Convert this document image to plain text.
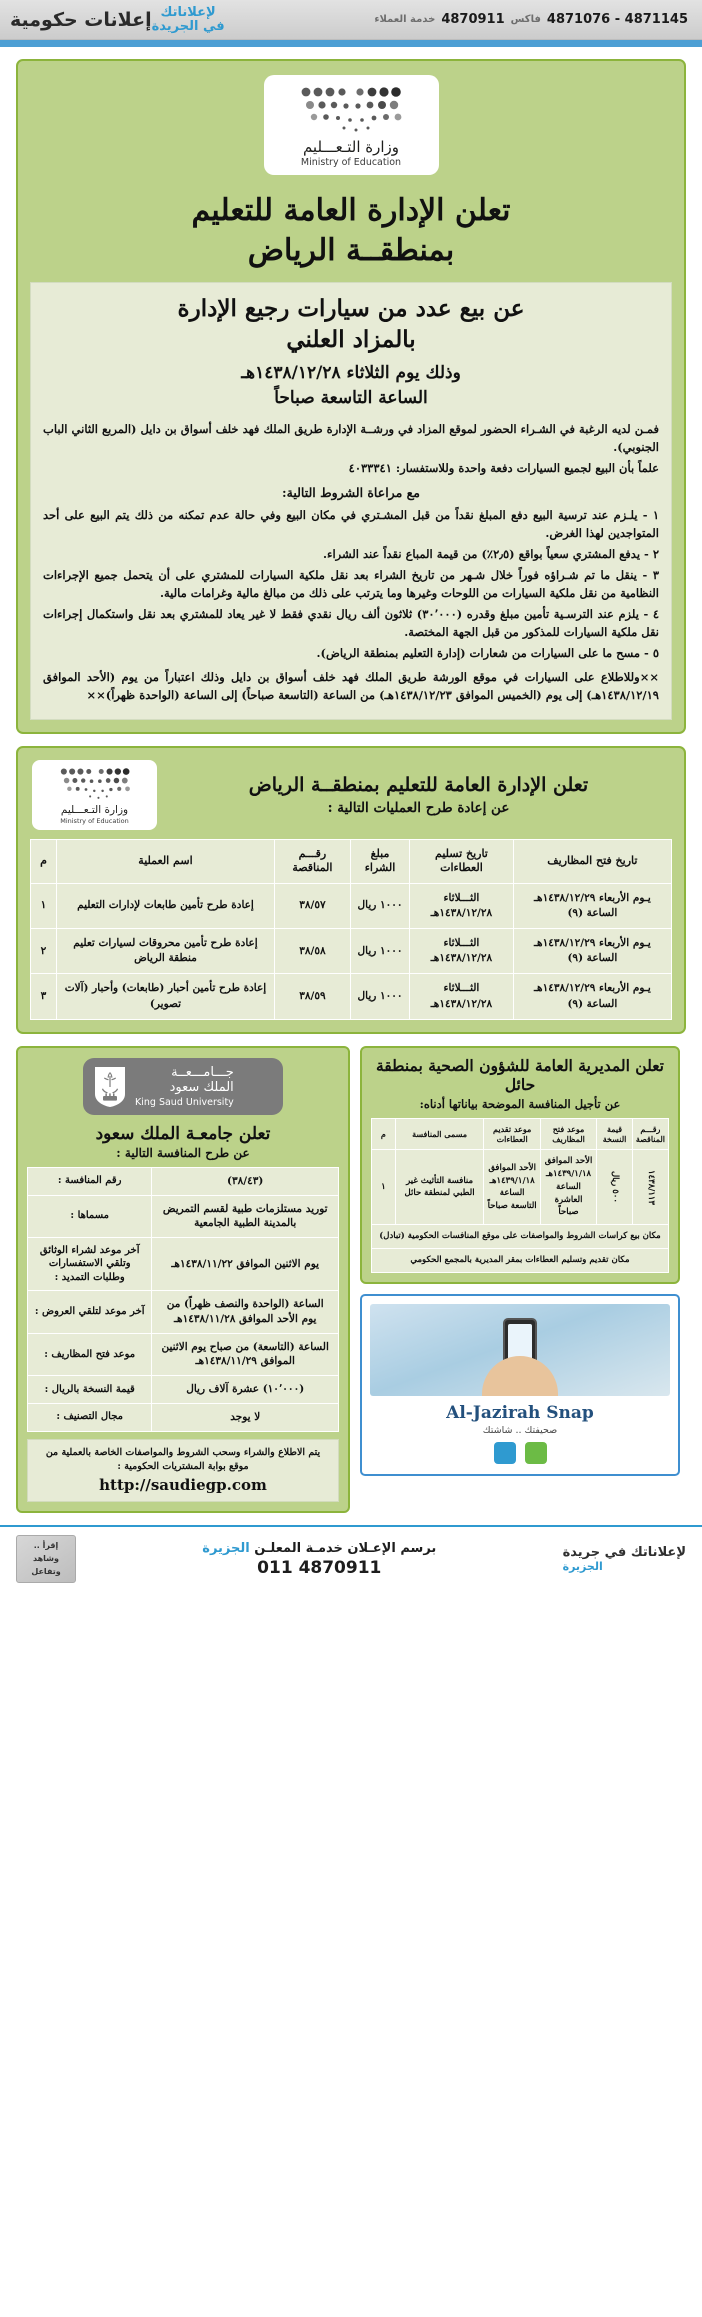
إعلانات حكومية لإعلاناتك
في الجريدة	خدمة العملاء 4870911 فاكس 4871076 - 4871145
وزارة التـعـــليم
Ministry of Education
تعلن الإدارة العامة للتعليم
بمنطقــة الرياض
عن بيع عدد من سيارات رجيع الإدارة
بالمزاد العلني
وذلك يوم الثلاثاء ١٤٣٨/١٢/٢٨هـ
الساعة التاسعة صباحاً

فمـن لديه الرغبة في الشـراء الحضور لموقع المزاد في ورشــة الإدارة طريق الملك فهد خلف أسواق بن دايل (المربع الثاني الباب الجنوبي).

علماً بأن البيع لجميع السيارات دفعة واحدة وللاستفسار: ٤٠٣٣٣٤١

مع مراعاة الشروط التالية:

١ - يلـزم عند ترسية البيع دفع المبلغ نقداً من قبل المشـتري في مكان البيع وفي حالة عدم تمكنه من ذلك يتم البيع على أحد المتواجدين لهذا الغرض.
٢ - يدفع المشتري سعياً بواقع (٢٫٥٪) من قيمة المباع نقداً عند الشراء.
٣ - ينقل ما تم شـراؤه فوراً خلال شـهر من تاريخ الشراء بعد نقل ملكية السيارات للمشتري على أن يتحمل جميع الإجراءات النظامية من نقل ملكية السيارات من اللوحات وغيرها وما يترتب على ذلك من مبالغ مالية وغرامات مالية.
٤ - يلزم عند الترسـية تأمين مبلغ وقدره (٣٠٬٠٠٠) ثلاثون ألف ريال نقدي فقط لا غير يعاد للمشتري بعد نقل واستكمال إجراءات نقل ملكية السيارات للمذكور من قبل الجهة المختصة.
٥ - مسح ما على السيارات من شعارات (إدارة التعليم بمنطقة الرياض).

××وللاطلاع على السيارات في موقع الورشة طريق الملك فهد خلف أسواق بن دايل وذلك اعتباراً من يوم (الأحد الموافق ١٤٣٨/١٢/١٩هـ) إلى يوم (الخميس الموافق ١٤٣٨/١٢/٢٣هـ) من الساعة (التاسعة صباحاً) إلى الساعة (الواحدة ظهراً)××

وزارة التـعـــليم
Ministry of Education
تعلن الإدارة العامة للتعليم بمنطقــة الرياض
عن إعادة طرح العمليات التالية :
تاريخ فتح المظاريف	تاريخ تسليم العطاءات	مبلغ الشراء	رقـــم المناقصة	اسم العملية	م
يـوم الأربعاء ١٤٣٨/١٢/٢٩هـ الساعة (٩)	الثـــلاثاء ١٤٣٨/١٢/٢٨هـ	١٠٠٠ ريال	٣٨/٥٧	إعادة طرح تأمين طابعات لإدارات التعليم	١
يـوم الأربعاء ١٤٣٨/١٢/٢٩هـ الساعة (٩)	الثـــلاثاء ١٤٣٨/١٢/٢٨هـ	١٠٠٠ ريال	٣٨/٥٨	إعادة طرح تأمين محروقات لسيارات تعليم منطقة الرياض	٢
يـوم الأربعاء ١٤٣٨/١٢/٢٩هـ الساعة (٩)	الثـــلاثاء ١٤٣٨/١٢/٢٨هـ	١٠٠٠ ريال	٣٨/٥٩	إعادة طرح تأمين أحبار (طابعات) وأحبار (آلات تصوير)	٣
جـــامـــعــة
الملك سعود
King Saud University
تعلن جامعـة الملك سعود
عن طرح المنافسة التالية :
(٣٨/٤٣)	رقم المنافسة :
توريد مستلزمات طبية لقسم التمريض بالمدينة الطبية الجامعية	مسماها :
يوم الاثنين الموافق ١٤٣٨/١١/٢٢هـ	آخر موعد لشراء الوثائق وتلقي الاستفسارات وطلبات التمديد :
الساعة (الواحدة والنصف ظهراً) من يوم الأحد الموافق ١٤٣٨/١١/٢٨هـ	آخر موعد لتلقي العروض :
الساعة (التاسعة) من صباح يوم الاثنين الموافق ١٤٣٨/١١/٢٩هـ	موعد فتح المظاريف :
(١٠٬٠٠٠) عشرة آلاف ريال	قيمة النسخة بالريال :
لا يوجد	مجال التصنيف :
يتم الاطلاع والشراء وسحب الشروط والمواصفات الخاصة بالعملية من موقع بوابة المشتريات الحكومية :
http://saudiegp.com
تعلن المديرية العامة للشؤون الصحية بمنطقة حائل
عن تأجيل المنافسة الموضحة بياناتها أدناه:
رقـــم المناقصة	قيمة النسخة	موعد فتح المظاريف	موعد تقديم العطاءات	مسمى المنافسة	م
١٤٣٨/١١٣	٥٠٠ ريال	الأحد الموافق ١٤٣٩/١/١٨هـ الساعة العاشرة صباحاً	الأحد الموافق ١٤٣٩/١/١٨هـ الساعة التاسعة صباحاً	منافسة التأثيث غير الطبي لمنطقة حائل	١
مكان بيع كراسات الشروط والمواصفات على موقع المنافسات الحكومية (تبادل)					
مكان تقديم وتسليم العطاءات بمقر المديرية بالمجمع الحكومي					
Al-Jazirah Snap
صحيفتك .. شاشتك
إقرأ ..
وشاهد
وتفاعل
برسم الإعـلان خدمـة المعلـن الجزيرة
011 4870911
لإعلاناتك في جريدة
الجزيرة
